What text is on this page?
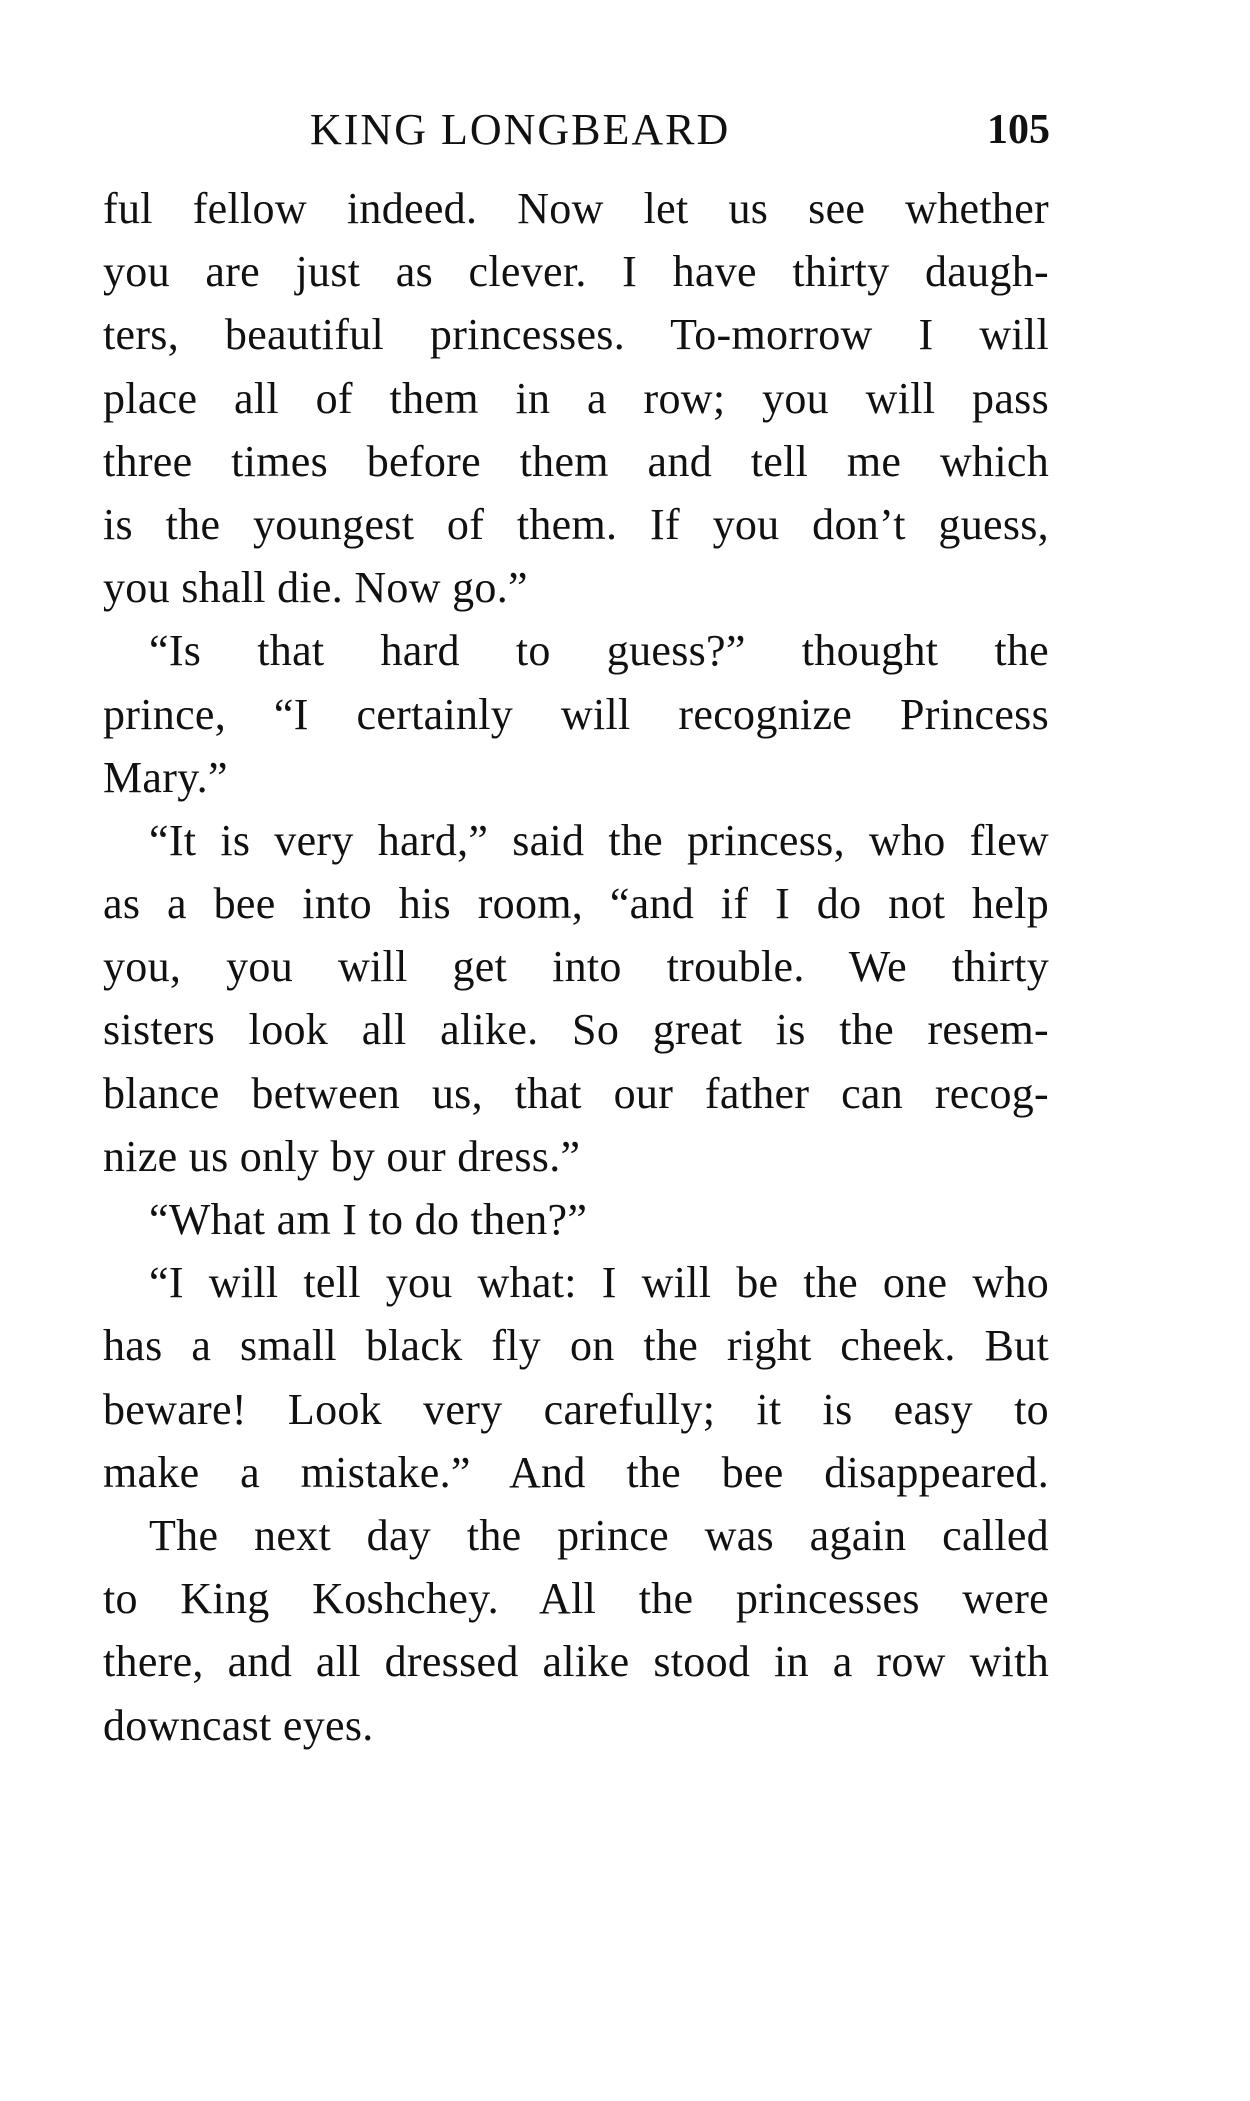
KING LONGBEARD	105
ful fellow indeed. Now let us see whether
you are just as clever. I have thirty daugh-
ters, beautiful princesses. To-morrow I will
place all of them in a row; you will pass
three times before them and tell me which
is the youngest of them. If you don’t guess,
you shall die. Now go.”
“Is that hard to guess?” thought the
prince, “I certainly will recognize Princess
Mary.”
“It is very hard,” said the princess, who flew
as a bee into his room, “and if I do not help
you, you will get into trouble. We thirty
sisters look all alike. So great is the resem-
blance between us, that our father can recog-
nize us only by our dress.”
“What am I to do then?”
“I will tell you what: I will be the one who
has a small black fly on the right cheek. But
beware! Look very carefully; it is easy to
make a mistake.” And the bee disappeared.
The next day the prince was again called
to King Koshchey. All the princesses were
there, and all dressed alike stood in a row with
downcast eyes.
